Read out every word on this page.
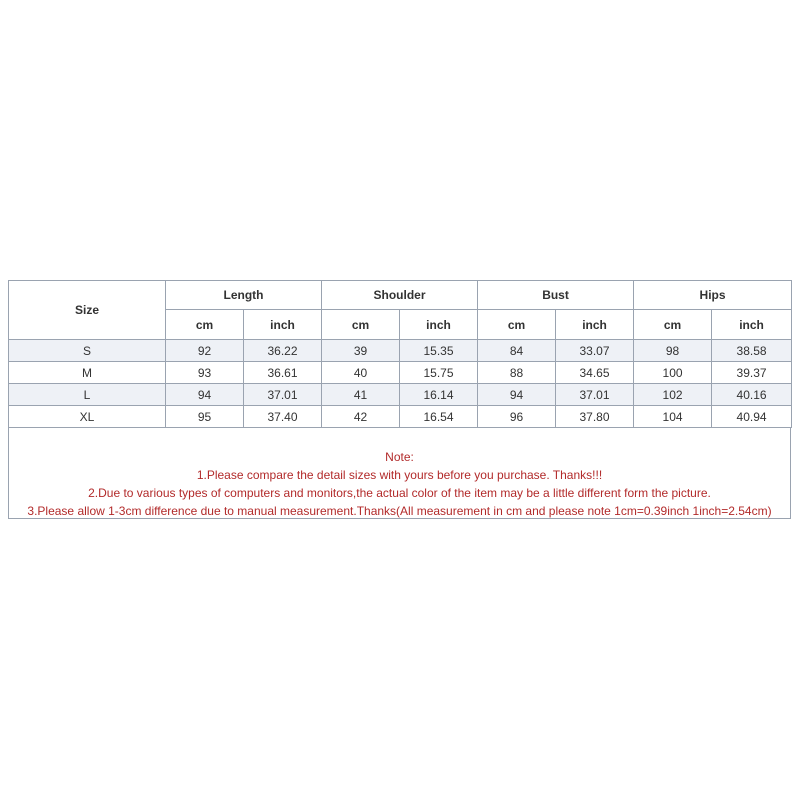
Size	Length		Shoulder		Bust		Hips	
	cm	inch	cm	inch	cm	inch	cm	inch
S	92	36.22	39	15.35	84	33.07	98	38.58
M	93	36.61	40	15.75	88	34.65	100	39.37
L	94	37.01	41	16.14	94	37.01	102	40.16
XL	95	37.40	42	16.54	96	37.80	104	40.94
Note:
1.Please compare the detail sizes with yours before you purchase. Thanks!!!
2.Due to various types of computers and monitors,the actual color of the item may be a little different form the picture.
3.Please allow 1-3cm difference due to manual measurement.Thanks(All measurement in cm and please note 1cm=0.39inch 1inch=2.54cm)
